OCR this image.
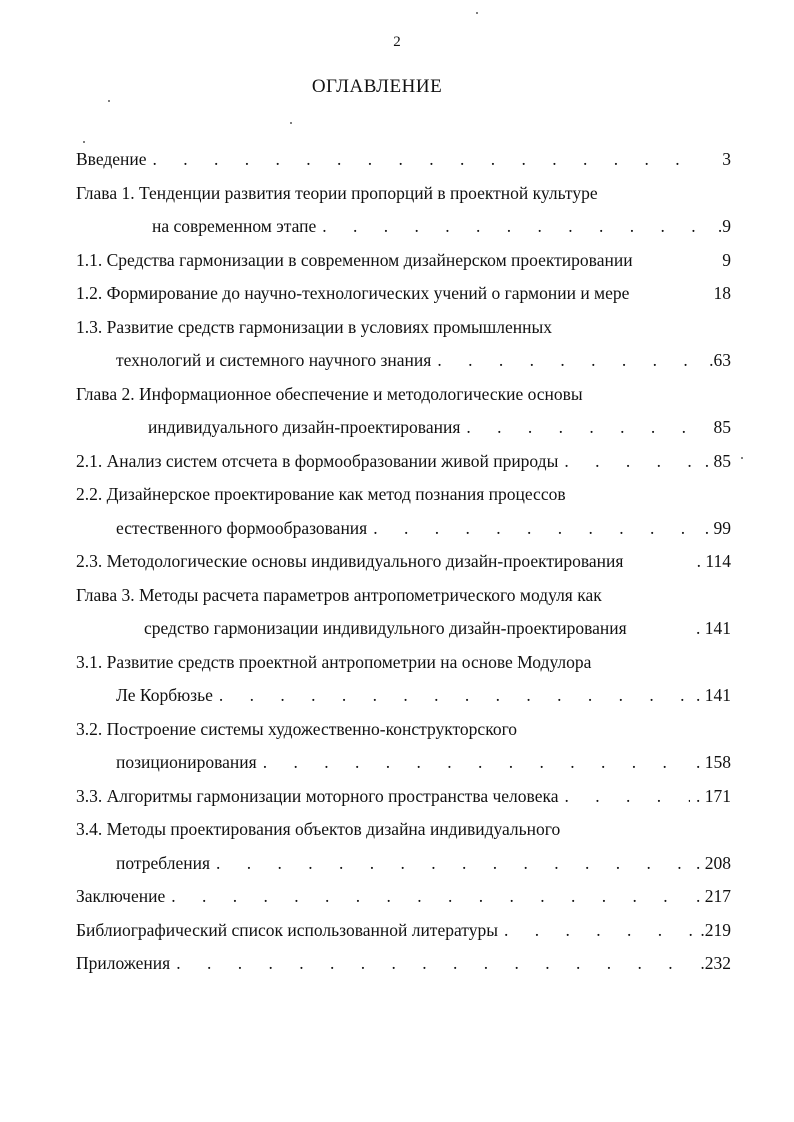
2
ОГЛАВЛЕНИЕ
Введение . . .	3
Глава 1. Тенденции развития теории пропорций в проектной культуре
на современном этапе . . .	.9
1.1. Средства гармонизации в современном дизайнерском проектировании	9
1.2. Формирование до научно-технологических учений о гармонии и мере	18
1.3. Развитие средств гармонизации в условиях промышленных
технологий и системного научного знания . . .	.63
Глава 2. Информационное обеспечение и методологические основы
индивидуального дизайн-проектирования . . .	85
2.1. Анализ систем отсчета в формообразовании живой природы . . .	. 85
2.2. Дизайнерское проектирование как метод познания процессов
естественного формообразования . . .	. 99
2.3. Методологические основы индивидуального дизайн-проектирования	. 114
Глава 3. Методы расчета параметров антропометрического модуля как
средство гармонизации индивидульного дизайн-проектирования	. 141
3.1. Развитие средств проектной антропометрии на основе Модулора
Ле Корбюзье . . .	. 141
3.2. Построение системы художественно-конструкторского
позиционирования . . .	. 158
3.3. Алгоритмы гармонизации моторного пространства человека . . .	. 171
3.4. Методы проектирования объектов дизайна индивидуального
потребления . . .	. 208
Заключение . . .	. 217
Библиографический список использованной литературы . . .	.219
Приложения . . .	.232
